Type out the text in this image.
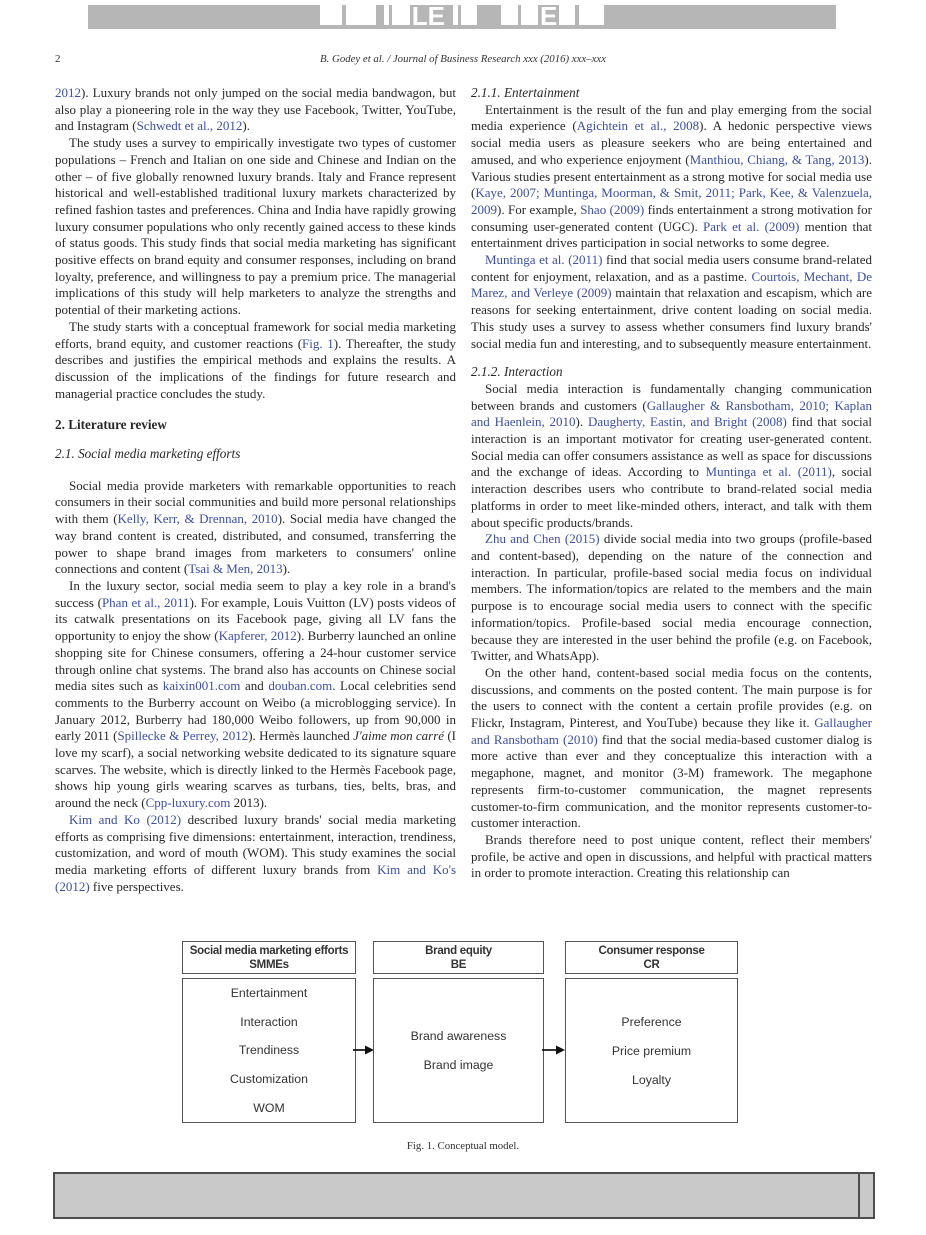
LE	E
2	B. Godey et al. / Journal of Business Research xxx (2016) xxx–xxx

2012). Luxury brands not only jumped on the social media bandwagon, but also play a pioneering role in the way they use Facebook, Twitter, YouTube, and Instagram (Schwedt et al., 2012).

The study uses a survey to empirically investigate two types of customer populations – French and Italian on one side and Chinese and Indian on the other – of five globally renowned luxury brands. Italy and France represent historical and well-established traditional luxury markets characterized by refined fashion tastes and preferences. China and India have rapidly growing luxury consumer populations who only recently gained access to these kinds of status goods. This study finds that social media marketing has significant positive effects on brand equity and consumer responses, including on brand loyalty, preference, and willingness to pay a premium price. The managerial implications of this study will help marketers to analyze the strengths and potential of their marketing actions.

The study starts with a conceptual framework for social media marketing efforts, brand equity, and customer reactions (Fig. 1). Thereafter, the study describes and justifies the empirical methods and explains the results. A discussion of the implications of the findings for future research and managerial practice concludes the study.

2. Literature review
2.1. Social media marketing efforts

Social media provide marketers with remarkable opportunities to reach consumers in their social communities and build more personal relationships with them (Kelly, Kerr, & Drennan, 2010). Social media have changed the way brand content is created, distributed, and consumed, transferring the power to shape brand images from marketers to consumers' online connections and content (Tsai & Men, 2013).

In the luxury sector, social media seem to play a key role in a brand's success (Phan et al., 2011). For example, Louis Vuitton (LV) posts videos of its catwalk presentations on its Facebook page, giving all LV fans the opportunity to enjoy the show (Kapferer, 2012). Burberry launched an online shopping site for Chinese consumers, offering a 24-hour customer service through online chat systems. The brand also has accounts on Chinese social media sites such as kaixin001.com and douban.com. Local celebrities send comments to the Burberry account on Weibo (a microblogging service). In January 2012, Burberry had 180,000 Weibo followers, up from 90,000 in early 2011 (Spillecke & Perrey, 2012). Hermès launched J'aime mon carré (I love my scarf), a social networking website dedicated to its signature square scarves. The website, which is directly linked to the Hermès Facebook page, shows hip young girls wearing scarves as turbans, ties, belts, bras, and around the neck (Cpp-luxury.com 2013).

Kim and Ko (2012) described luxury brands' social media marketing efforts as comprising five dimensions: entertainment, interaction, trendiness, customization, and word of mouth (WOM). This study examines the social media marketing efforts of different luxury brands from Kim and Ko's (2012) five perspectives.

2.1.1. Entertainment

Entertainment is the result of the fun and play emerging from the social media experience (Agichtein et al., 2008). A hedonic perspective views social media users as pleasure seekers who are being entertained and amused, and who experience enjoyment (Manthiou, Chiang, & Tang, 2013). Various studies present entertainment as a strong motive for social media use (Kaye, 2007; Muntinga, Moorman, & Smit, 2011; Park, Kee, & Valenzuela, 2009). For example, Shao (2009) finds entertainment a strong motivation for consuming user-generated content (UGC). Park et al. (2009) mention that entertainment drives participation in social networks to some degree.

Muntinga et al. (2011) find that social media users consume brand-related content for enjoyment, relaxation, and as a pastime. Courtois, Mechant, De Marez, and Verleye (2009) maintain that relaxation and escapism, which are reasons for seeking entertainment, drive content loading on social media. This study uses a survey to assess whether consumers find luxury brands' social media fun and interesting, and to subsequently measure entertainment.

2.1.2. Interaction

Social media interaction is fundamentally changing communication between brands and customers (Gallaugher & Ransbotham, 2010; Kaplan and Haenlein, 2010). Daugherty, Eastin, and Bright (2008) find that social interaction is an important motivator for creating user-generated content. Social media can offer consumers assistance as well as space for discussions and the exchange of ideas. According to Muntinga et al. (2011), social interaction describes users who contribute to brand-related social media platforms in order to meet like-minded others, interact, and talk with them about specific products/brands.

Zhu and Chen (2015) divide social media into two groups (profile-based and content-based), depending on the nature of the connection and interaction. In particular, profile-based social media focus on individual members. The information/topics are related to the members and the main purpose is to encourage social media users to connect with the specific information/topics. Profile-based social media encourage connection, because they are interested in the user behind the profile (e.g. on Facebook, Twitter, and WhatsApp).

On the other hand, content-based social media focus on the contents, discussions, and comments on the posted content. The main purpose is for the users to connect with the content a certain profile provides (e.g. on Flickr, Instagram, Pinterest, and YouTube) because they like it. Gallaugher and Ransbotham (2010) find that the social media-based customer dialog is more active than ever and they conceptualize this interaction with a megaphone, magnet, and monitor (3-M) framework. The megaphone represents firm-to-customer communication, the magnet represents customer-to-firm communication, and the monitor represents customer-to-customer interaction.

Brands therefore need to post unique content, reflect their members' profile, be active and open in discussions, and helpful with practical matters in order to promote interaction. Creating this relationship can

Social media marketing efforts
SMMEs
Entertainment
Interaction
Trendiness
Customization
WOM
Brand equity
BE
Brand awareness
Brand image
Consumer response
CR
Preference
Price premium
Loyalty
Fig. 1. Conceptual model.
